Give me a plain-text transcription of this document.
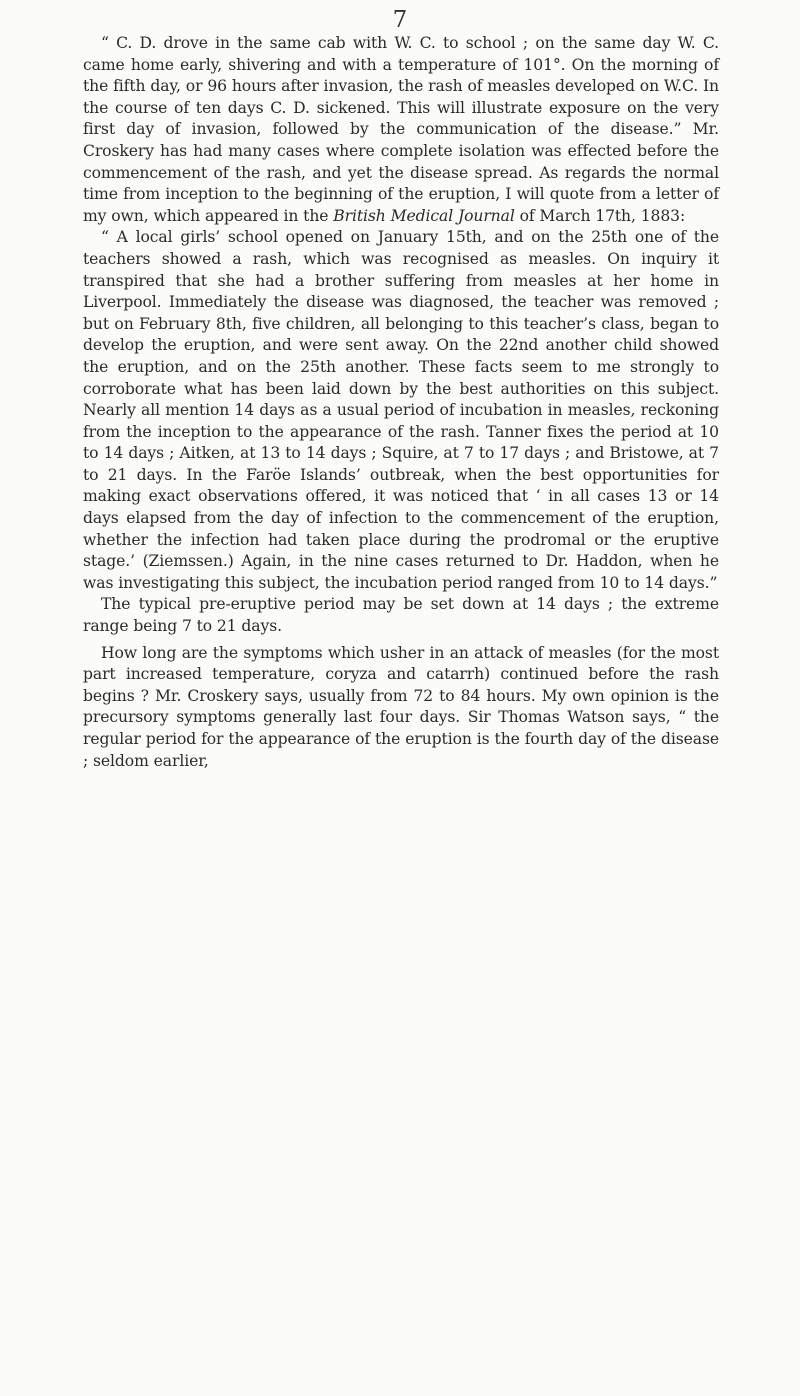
7

“ C. D. drove in the same cab with W. C. to school ; on the same day W. C. came home early, shivering and with a temperature of 101°. On the morning of the fifth day, or 96 hours after invasion, the rash of measles developed on W.C. In the course of ten days C. D. sickened. This will illustrate exposure on the very first day of invasion, followed by the communication of the disease.” Mr. Croskery has had many cases where complete isolation was effected before the commencement of the rash, and yet the disease spread. As regards the normal time from inception to the beginning of the eruption, I will quote from a letter of my own, which appeared in the British Medical Journal of March 17th, 1883:

“ A local girls’ school opened on January 15th, and on the 25th one of the teachers showed a rash, which was recognised as measles. On inquiry it transpired that she had a brother suffering from measles at her home in Liverpool. Immediately the disease was diagnosed, the teacher was removed ; but on February 8th, five children, all belonging to this teacher’s class, began to develop the eruption, and were sent away. On the 22nd another child showed the eruption, and on the 25th another. These facts seem to me strongly to corroborate what has been laid down by the best authorities on this subject. Nearly all mention 14 days as a usual period of incubation in measles, reckoning from the inception to the appearance of the rash. Tanner fixes the period at 10 to 14 days ; Aitken, at 13 to 14 days ; Squire, at 7 to 17 days ; and Bristowe, at 7 to 21 days. In the Faröe Islands’ outbreak, when the best opportunities for making exact observations offered, it was noticed that ‘ in all cases 13 or 14 days elapsed from the day of infection to the commencement of the eruption, whether the infection had taken place during the prodromal or the eruptive stage.’ (Ziemssen.) Again, in the nine cases returned to Dr. Haddon, when he was investigating this subject, the incubation period ranged from 10 to 14 days.”

The typical pre-eruptive period may be set down at 14 days ; the extreme range being 7 to 21 days.

How long are the symptoms which usher in an attack of measles (for the most part increased temperature, coryza and catarrh) continued before the rash begins ? Mr. Croskery says, usually from 72 to 84 hours. My own opinion is the precursory symptoms generally last four days. Sir Thomas Watson says, “ the regular period for the appearance of the eruption is the fourth day of the disease ; seldom earlier,
